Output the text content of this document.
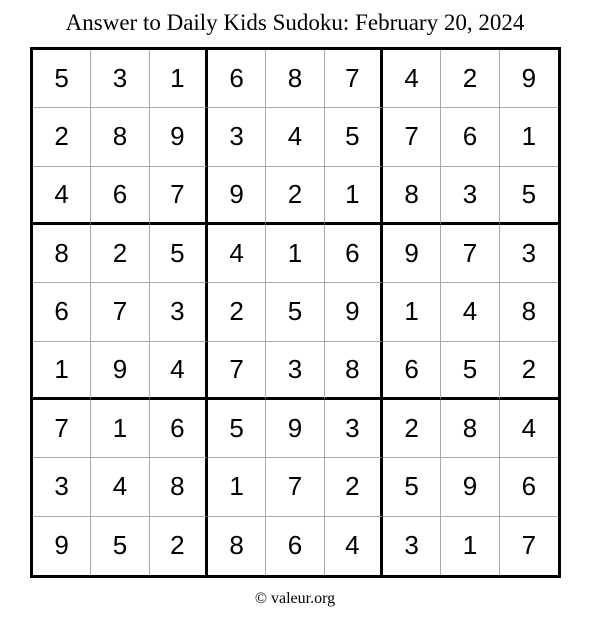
Answer to Daily Kids Sudoku: February 20, 2024
5	3	1	6	8	7	4	2	9
2	8	9	3	4	5	7	6	1
4	6	7	9	2	1	8	3	5
8	2	5	4	1	6	9	7	3
6	7	3	2	5	9	1	4	8
1	9	4	7	3	8	6	5	2
7	1	6	5	9	3	2	8	4
3	4	8	1	7	2	5	9	6
9	5	2	8	6	4	3	1	7
© valeur.org
